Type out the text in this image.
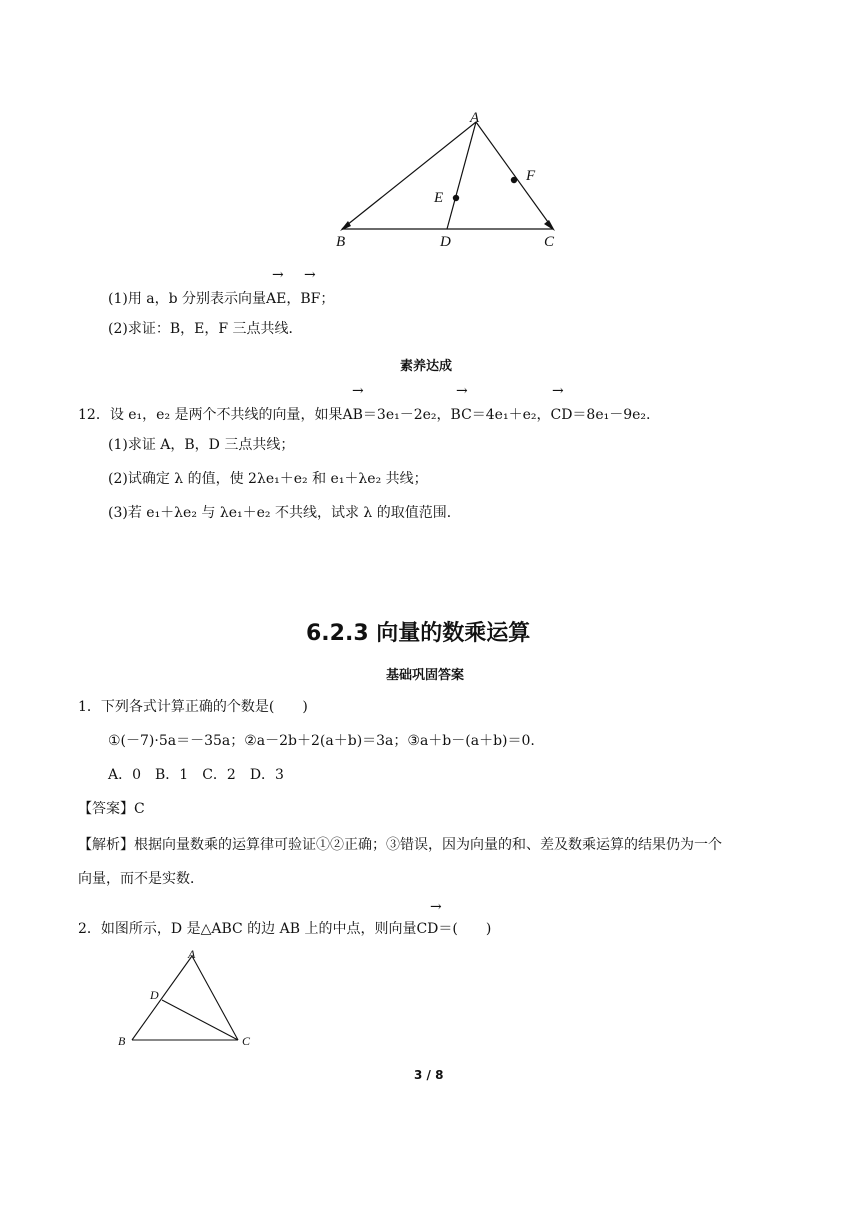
A
B	D	C
E
F
→ →
(1)用 a，b 分别表示向量AE，BF；
(2)求证：B，E，F 三点共线．
素养达成
→	→	→
12．设 e₁，e₂ 是两个不共线的向量，如果AB＝3e₁－2e₂，BC＝4e₁＋e₂，CD＝8e₁－9e₂.
(1)求证 A，B，D 三点共线；
(2)试确定 λ 的值，使 2λe₁＋e₂ 和 e₁＋λe₂ 共线；
(3)若 e₁＋λe₂ 与 λe₁＋e₂ 不共线，试求 λ 的取值范围．
6.2.3 向量的数乘运算
基础巩固答案
1．下列各式计算正确的个数是(　　)
①(－7)·5a＝－35a；②a－2b＋2(a＋b)＝3a；③a＋b－(a＋b)＝0.
A．0　B．1　C．2　D．3
【答案】C
【解析】根据向量数乘的运算律可验证①②正确；③错误，因为向量的和、差及数乘运算的结果仍为一个
向量，而不是实数．
→
2．如图所示，D 是△ABC 的边 AB 上的中点，则向量CD＝(　　)
A
D
B	C
3 / 8
